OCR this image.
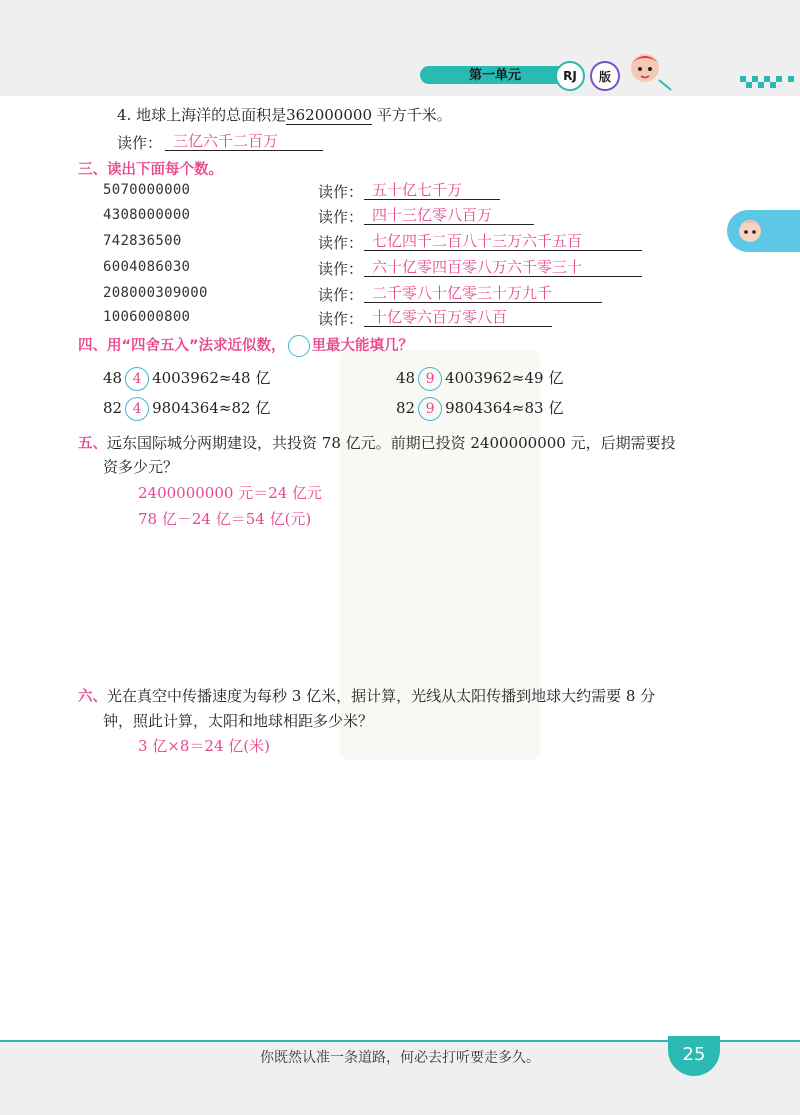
第一单元	RJ	版
4. 地球上海洋的总面积是362000000 平方千米。
读作： 三亿六千二百万
三、读出下面每个数。
5070000000	读作： 五十亿七千万
4308000000	读作： 四十三亿零八百万
742836500	读作： 七亿四千二百八十三万六千五百
6004086030	读作： 六十亿零四百零八万六千零三十
208000309000	读作： 二千零八十亿零三十万九千
1006000800	读作： 十亿零六百万零八百
四、用“四舍五入”法求近似数， 里最大能填几？
48 4 4003962≈48 亿	48 9 4003962≈49 亿
82 4 9804364≈82 亿	82 9 9804364≈83 亿
五、远东国际城分两期建设，共投资 78 亿元。前期已投资 2400000000 元，后期需要投
资多少元？
2400000000 元＝24 亿元
78 亿－24 亿＝54 亿(元)
六、光在真空中传播速度为每秒 3 亿米，据计算，光线从太阳传播到地球大约需要 8 分
钟，照此计算，太阳和地球相距多少米？
3 亿×8＝24 亿(米)
你既然认准一条道路，何必去打听要走多久。	25
